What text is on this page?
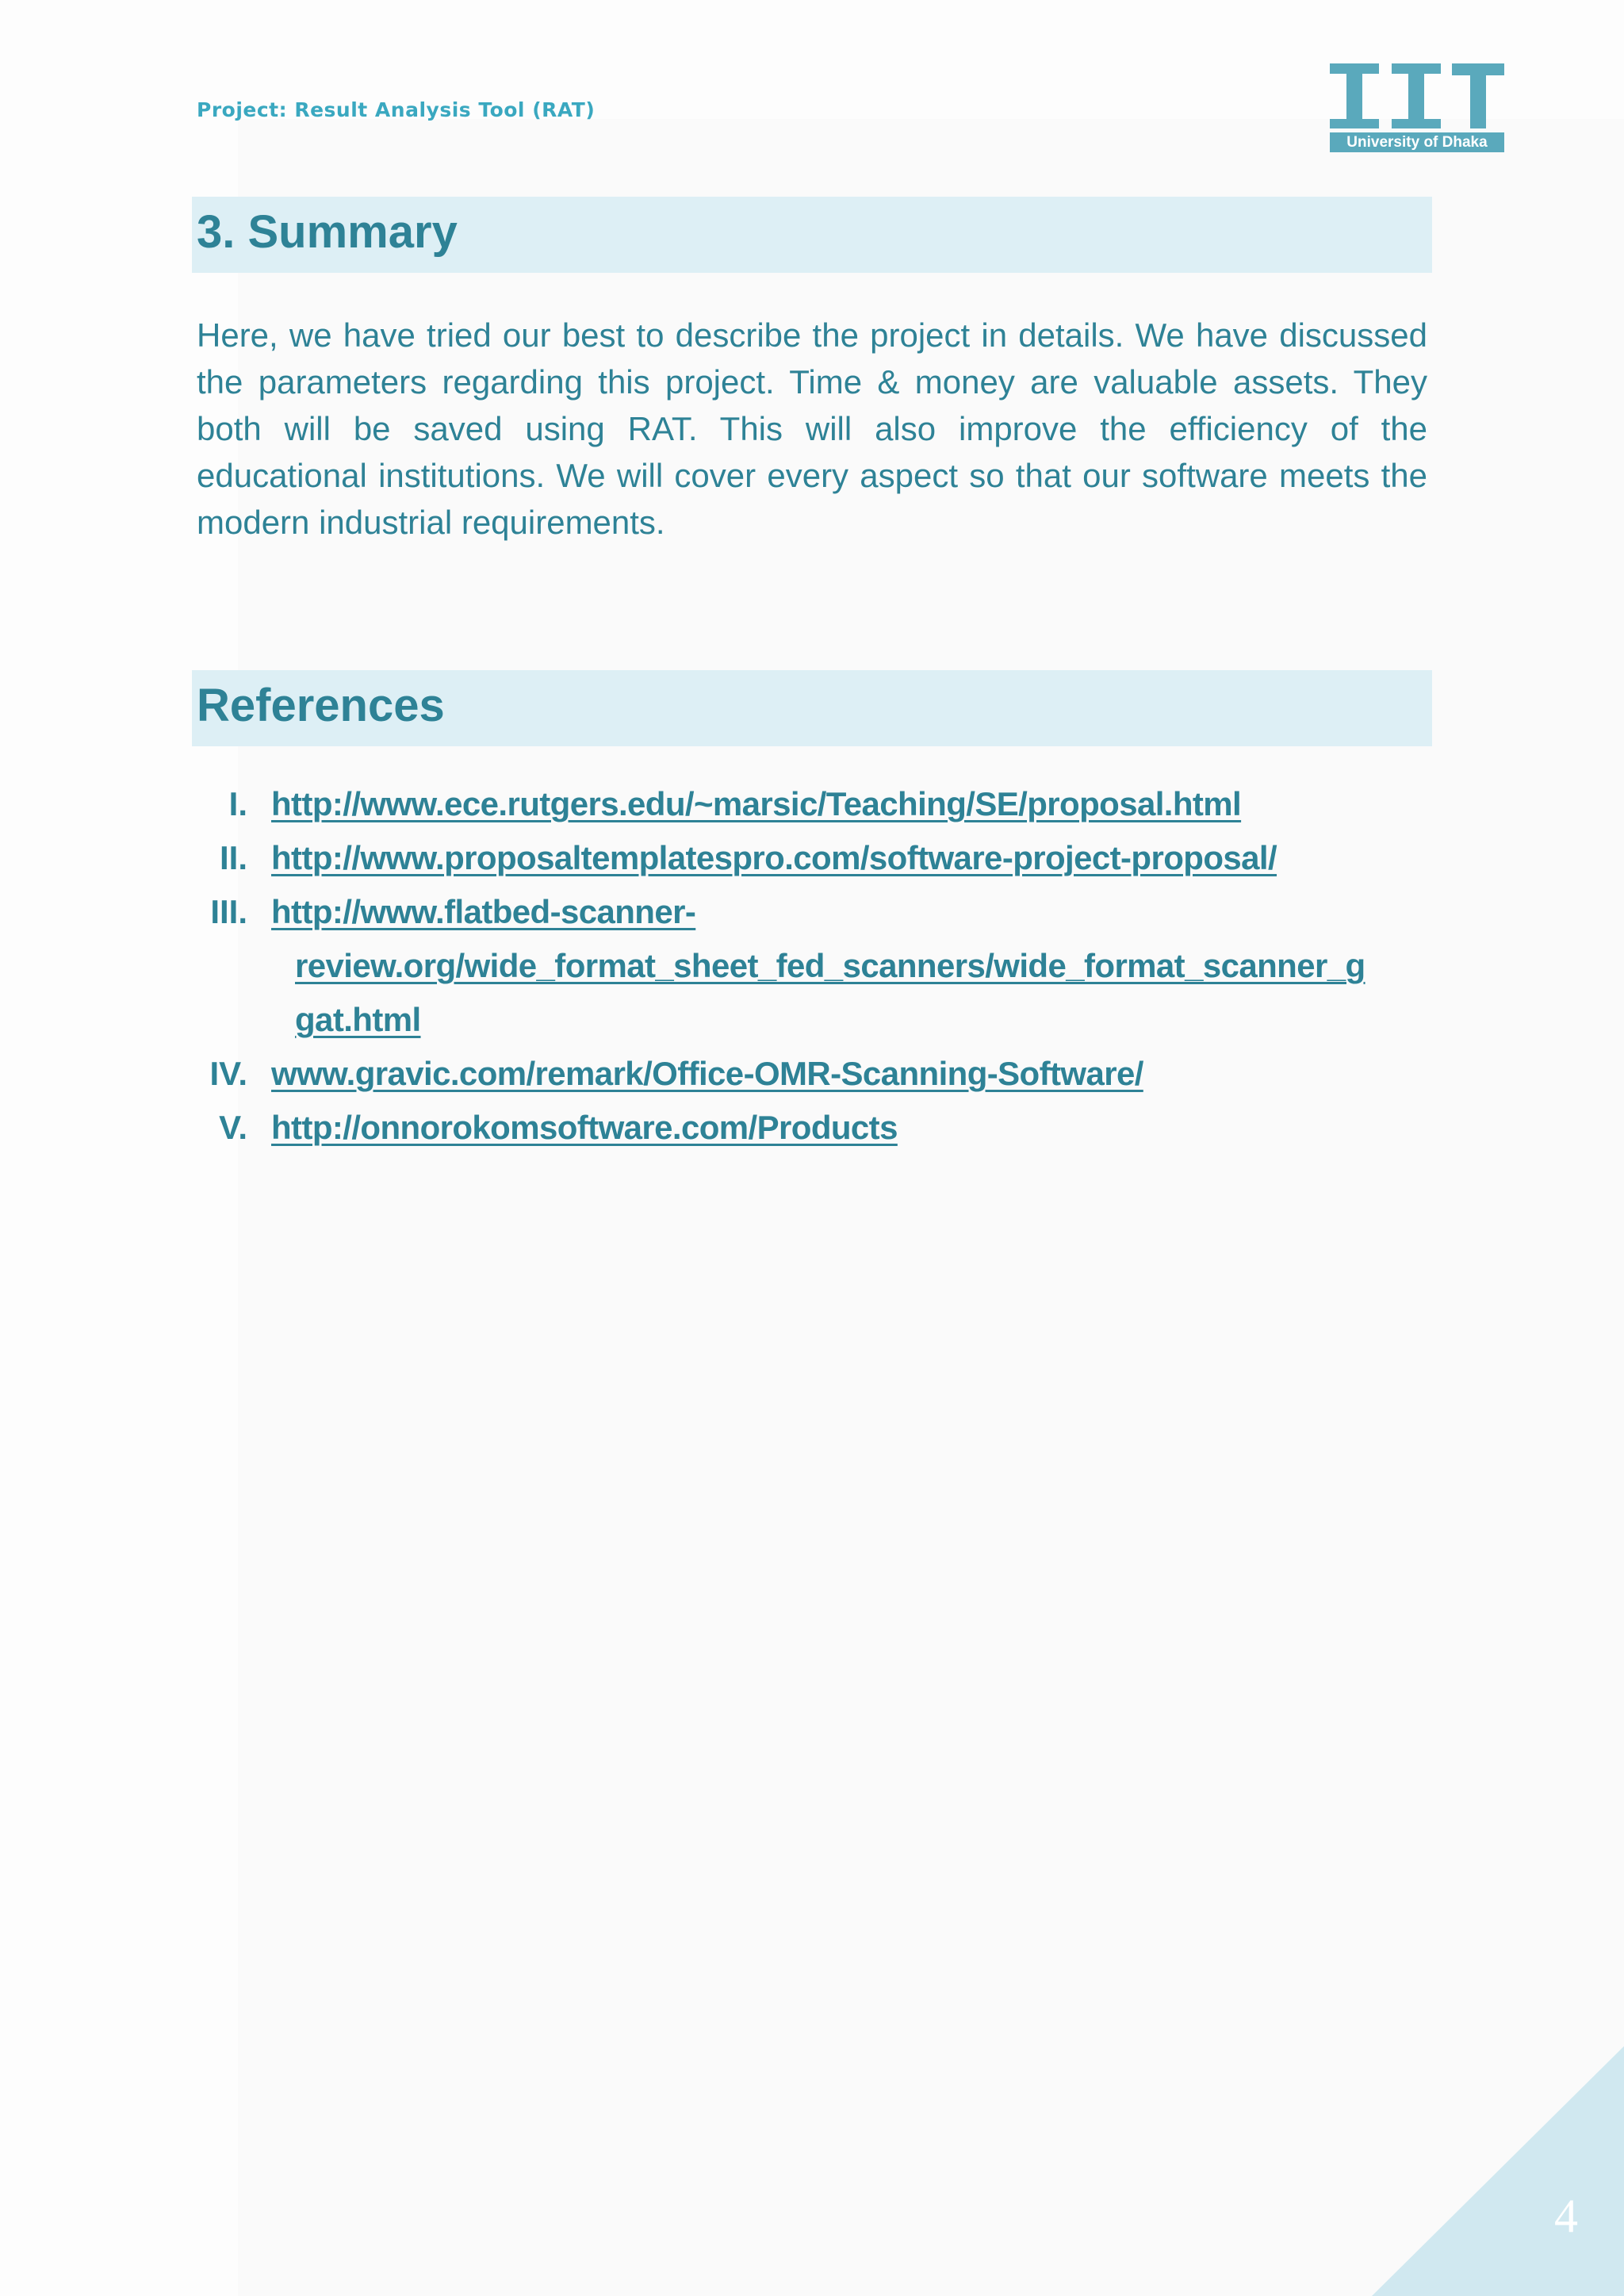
Project: Result Analysis Tool (RAT)
University of Dhaka
3. Summary
Here, we have tried our best to describe the project in details. We have discussed the parameters regarding this project. Time & money are valuable assets. They both will be saved using RAT. This will also improve the efficiency of the educational institutions. We will cover every aspect so that our software meets the modern industrial requirements.
References
I. http://www.ece.rutgers.edu/~marsic/Teaching/SE/proposal.html
II. http://www.proposaltemplatespro.com/software-project-proposal/
III. http://www.flatbed-scanner-
review.org/wide_format_sheet_fed_scanners/wide_format_scanner_g
gat.html
IV. www.gravic.com/remark/Office-OMR-Scanning-Software/
V. http://onnorokomsoftware.com/Products
4
